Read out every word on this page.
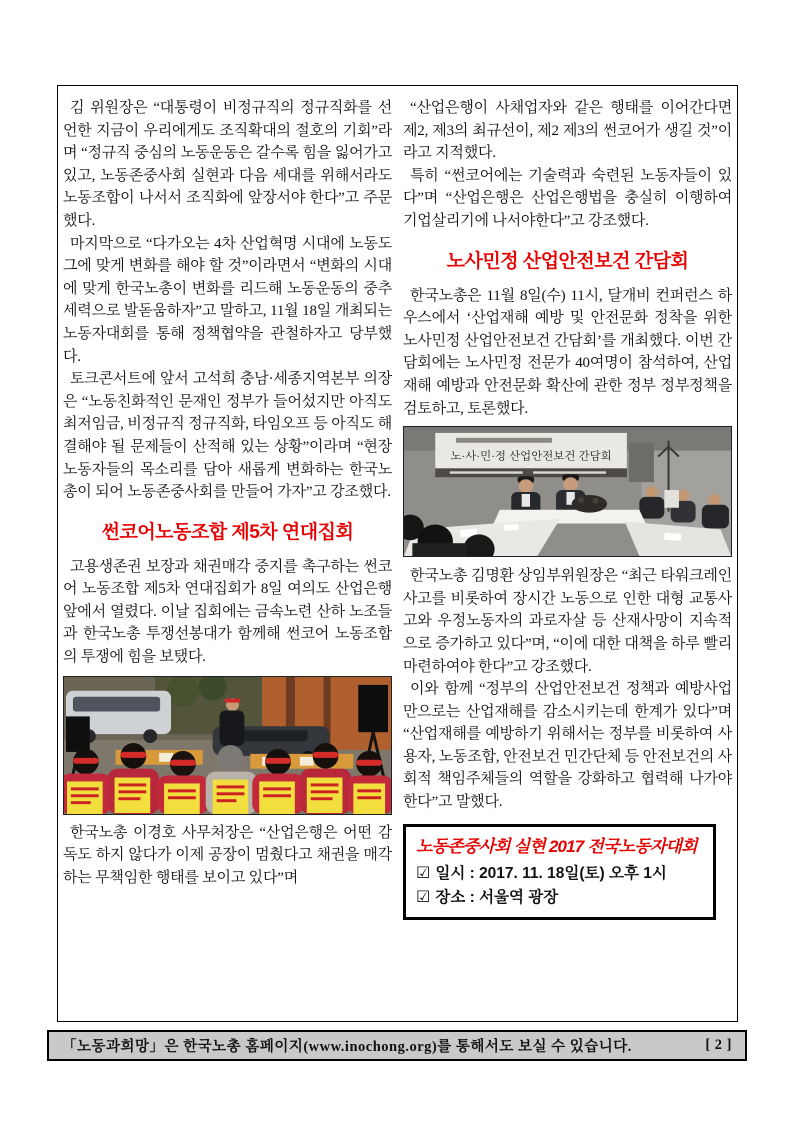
김 위원장은 “대통령이 비정규직의 정규직화를 선언한 지금이 우리에게도 조직확대의 절호의 기회”라며 “정규직 중심의 노동운동은 갈수록 힘을 잃어가고 있고, 노동존중사회 실현과 다음 세대를 위해서라도 노동조합이 나서서 조직화에 앞장서야 한다”고 주문했다.

마지막으로 “다가오는 4차 산업혁명 시대에 노동도 그에 맞게 변화를 해야 할 것”이라면서 “변화의 시대에 맞게 한국노총이 변화를 리드해 노동운동의 중추세력으로 발돋움하자”고 말하고, 11월 18일 개최되는 노동자대회를 통해 정책협약을 관철하자고 당부했다.

토크콘서트에 앞서 고석희 충남·세종지역본부 의장은 “노동친화적인 문재인 정부가 들어섰지만 아직도 최저임금, 비정규직 정규직화, 타임오프 등 아직도 해결해야 될 문제들이 산적해 있는 상황”이라며 “현장 노동자들의 목소리를 담아 새롭게 변화하는 한국노총이 되어 노동존중사회를 만들어 가자”고 강조했다.

썬코어노동조합 제5차 연대집회

고용생존권 보장과 채권매각 중지를 촉구하는 썬코어 노동조합 제5차 연대집회가 8일 여의도 산업은행 앞에서 열렸다. 이날 집회에는 금속노련 산하 노조들과 한국노총 투쟁선봉대가 함께해 썬코어 노동조합의 투쟁에 힘을 보탰다.

한국노총 이경호 사무처장은 “산업은행은 어떤 감독도 하지 않다가 이제 공장이 멈췄다고 채권을 매각하는 무책임한 행태를 보이고 있다”며

“산업은행이 사채업자와 같은 행태를 이어간다면 제2, 제3의 최규선이, 제2 제3의 썬코어가 생길 것”이라고 지적했다.

특히 “썬코어에는 기술력과 숙련된 노동자들이 있다”며 “산업은행은 산업은행법을 충실히 이행하여 기업살리기에 나서야한다”고 강조했다.

노사민정 산업안전보건 간담회

한국노총은 11월 8일(수) 11시, 달개비 컨퍼런스 하우스에서 ‘산업재해 예방 및 안전문화 정착을 위한 노사민정 산업안전보건 간담회’를 개최했다. 이번 간담회에는 노사민정 전문가 40여명이 참석하여, 산업재해 예방과 안전문화 확산에 관한 정부 정부정책을 검토하고, 토론했다.

노·사·민·정 산업안전보건 간담회

한국노총 김명환 상임부위원장은 “최근 타워크레인 사고를 비롯하여 장시간 노동으로 인한 대형 교통사고와 우정노동자의 과로자살 등 산재사망이 지속적으로 증가하고 있다”며, “이에 대한 대책을 하루 빨리 마련하여야 한다”고 강조했다.

이와 함께 “정부의 산업안전보건 정책과 예방사업만으로는 산업재해를 감소시키는데 한계가 있다”며 “산업재해를 예방하기 위해서는 정부를 비롯하여 사용자, 노동조합, 안전보건 민간단체 등 안전보건의 사회적 책임주체들의 역할을 강화하고 협력해 나가야 한다”고 말했다.

노동존중사회 실현 2017 전국노동자대회
☑ 일시 : 2017. 11. 18일(토) 오후 1시
☑ 장소 : 서울역 광장
「노동과희망」은 한국노총 홈페이지(www.inochong.org)를 통해서도 보실 수 있습니다.	[ 2 ]
